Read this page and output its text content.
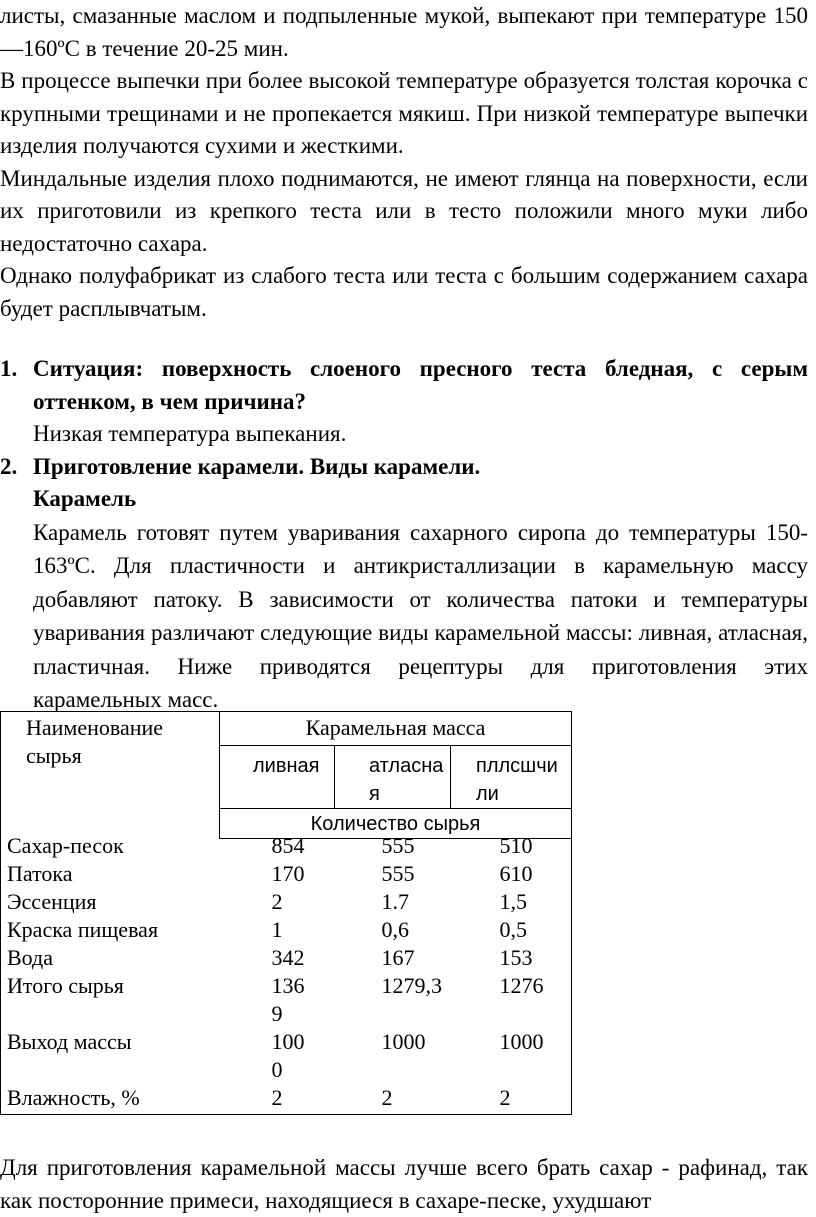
листы, смазанные маслом и подпыленные мукой, выпекают при температуре 150—160ºС в течение 20-25 мин.

В процессе выпечки при более высокой температуре образуется толстая корочка с крупными трещинами и не пропекается мякиш. При низкой температуре выпечки изделия получаются сухими и жесткими.

Миндальные изделия плохо поднимаются, не имеют глянца на поверхности, если их приготовили из крепкого теста или в тесто положили много муки либо недостаточно сахара.

Однако полуфабрикат из слабого теста или теста с большим содержанием сахара будет расплывчатым.

1. Ситуация: поверхность слоеного пресного теста бледная, с серым оттенком, в чем причина?

Низкая температура выпекания.

2. Приготовление карамели. Виды карамели.

Карамель

Карамель готовят путем уваривания сахарного сиропа до температуры 150-163ºС. Для пластичности и антикристаллизации в карамельную массу добавляют патоку. В зависимости от количества патоки и температуры уваривания различают следующие виды карамельной массы: ливная, атласная, пластичная. Ниже приводятся рецептуры для приготовления этих карамельных масс.

Наименование сырья	Карамельная масса		
	ливная	атласная	пллсшчили
	Количество сырья		
Сахар-песок	854	555	510
Патока	170	555	610
Эссенция	2	1.7	1,5
Краска пищевая	1	0,6	0,5
Вода	342	167	153
Итого сырья	1369	1279,3	1276
Выход массы	1000	1000	1000
Влажность, %	2	2	2

Для приготовления карамельной массы лучше всего брать сахар - рафинад, так как посторонние примеси, находящиеся в сахаре-песке, ухудшают
